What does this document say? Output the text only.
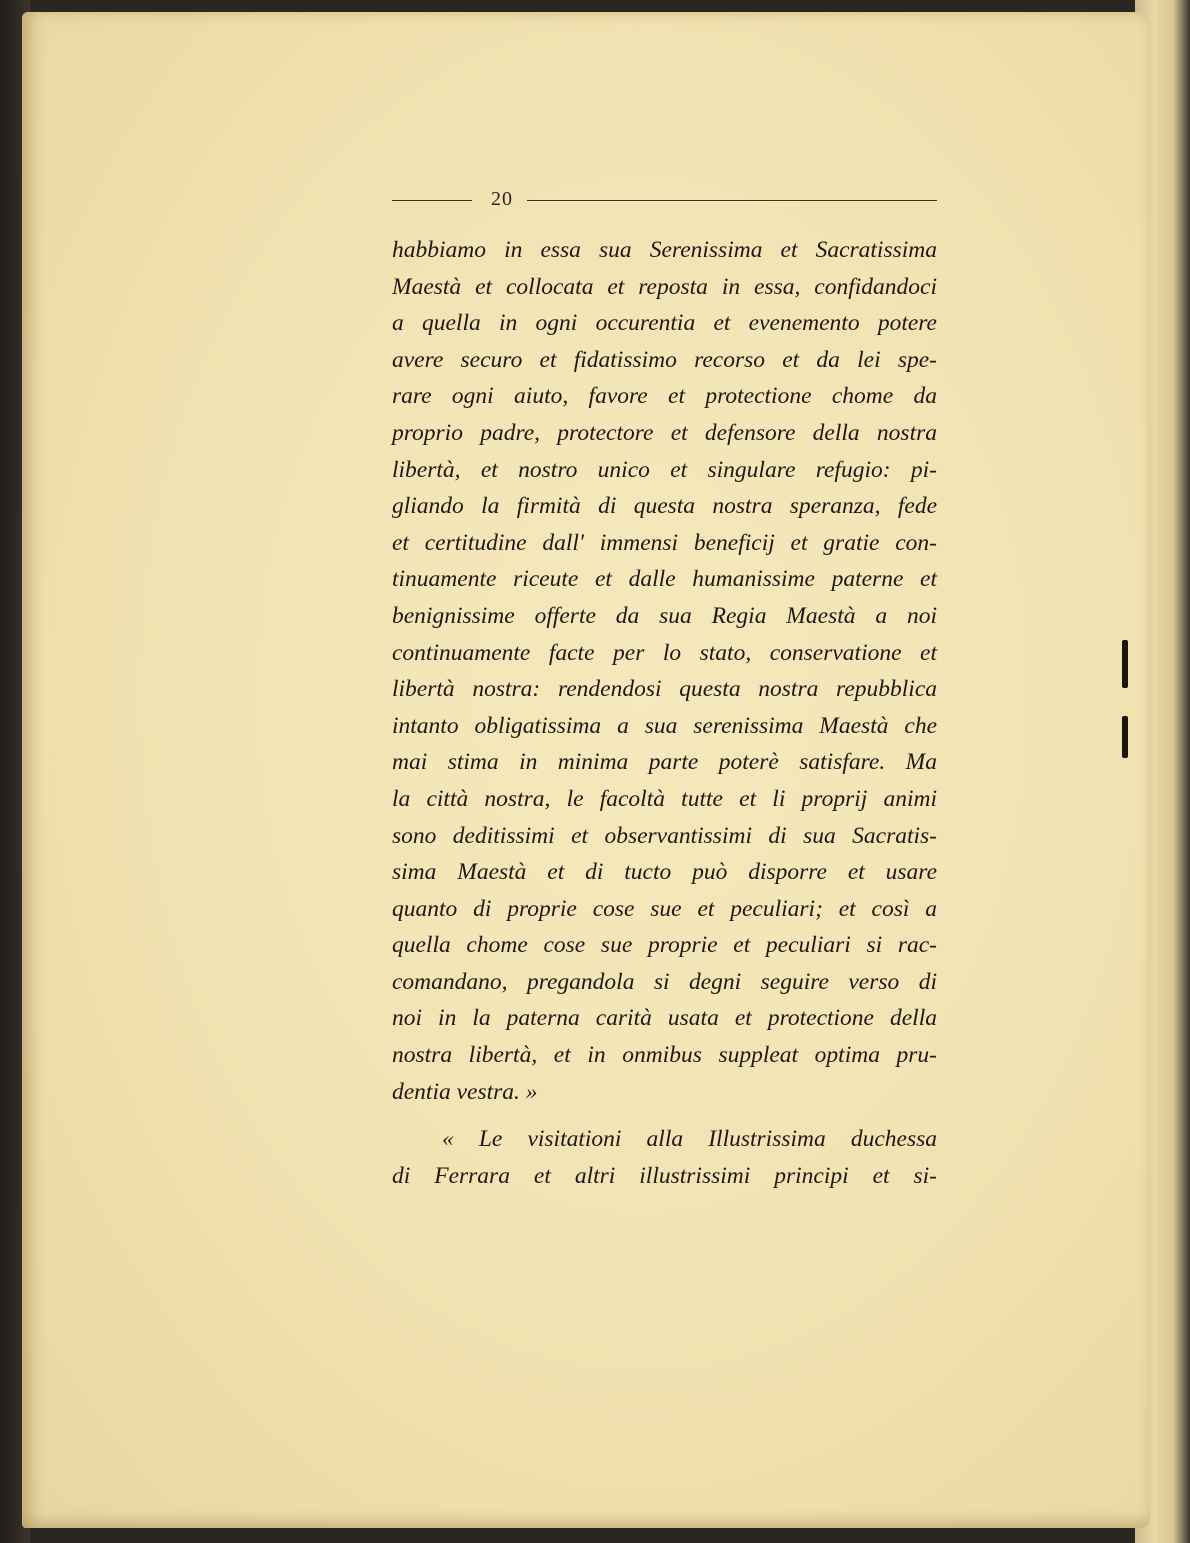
20
habbiamo in essa sua Serenissima et Sacratissima
Maestà et collocata et reposta in essa, confidandoci
a quella in ogni occurentia et evenemento potere
avere securo et fidatissimo recorso et da lei spe-
rare ogni aiuto, favore et protectione chome da
proprio padre, protectore et defensore della nostra
libertà, et nostro unico et singulare refugio: pi-
gliando la firmità di questa nostra speranza, fede
et certitudine dall' immensi beneficij et gratie con-
tinuamente riceute et dalle humanissime paterne et
benignissime offerte da sua Regia Maestà a noi
continuamente facte per lo stato, conservatione et
libertà nostra: rendendosi questa nostra repubblica
intanto obligatissima a sua serenissima Maestà che
mai stima in minima parte poterè satisfare. Ma
la città nostra, le facoltà tutte et li proprij animi
sono deditissimi et observantissimi di sua Sacratis-
sima Maestà et di tucto può disporre et usare
quanto di proprie cose sue et peculiari; et così a
quella chome cose sue proprie et peculiari si rac-
comandano, pregandola si degni seguire verso di
noi in la paterna carità usata et protectione della
nostra libertà, et in onmibus suppleat optima pru-
dentia vestra. »
« Le visitationi alla Illustrissima duchessa
di Ferrara et altri illustrissimi principi et si-
